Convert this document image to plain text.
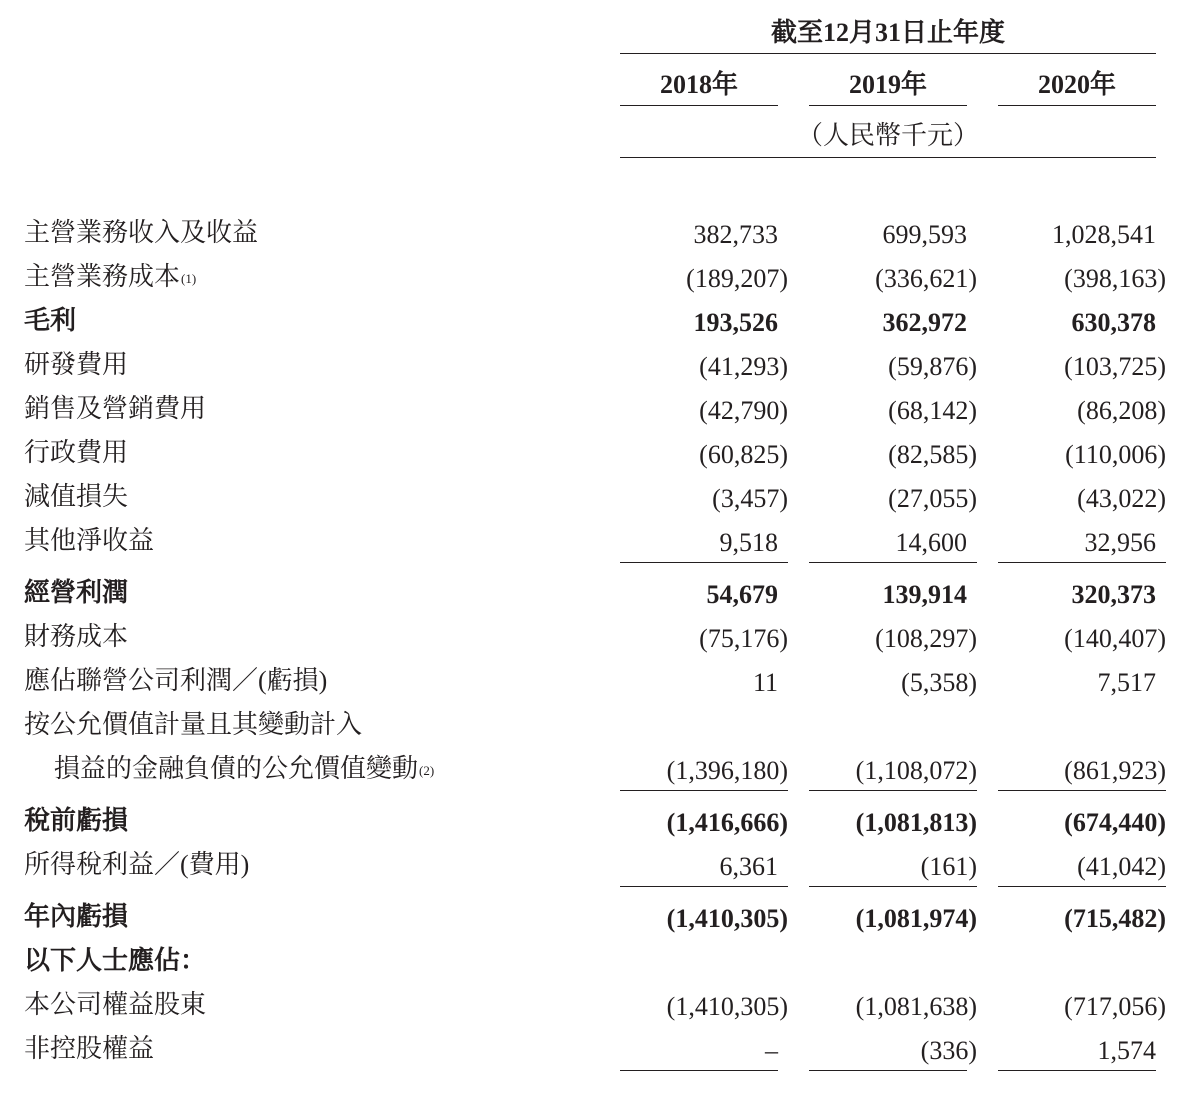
截至12月31日止年度
2018年	2019年	2020年
（人民幣千元）
主營業務收入及收益	382,733	699,593	1,028,541
主營業務成本$^{(1)}$	(189,207)	(336,621)	(398,163)
毛利	193,526	362,972	630,378
研發費用	(41,293)	(59,876)	(103,725)
銷售及營銷費用	(42,790)	(68,142)	(86,208)
行政費用	(60,825)	(82,585)	(110,006)
減值損失	(3,457)	(27,055)	(43,022)
其他淨收益	9,518	14,600	32,956
經營利潤	54,679	139,914	320,373
財務成本	(75,176)	(108,297)	(140,407)
應佔聯營公司利潤／(虧損)	11	(5,358)	7,517
按公允價值計量且其變動計入
損益的金融負債的公允價值變動$^{(2)}$	(1,396,180)	(1,108,072)	(861,923)
稅前虧損	(1,416,666)	(1,081,813)	(674,440)
所得稅利益／(費用)	6,361	(161)	(41,042)
年內虧損	(1,410,305)	(1,081,974)	(715,482)
以下人士應佔：
本公司權益股東	(1,410,305)	(1,081,638)	(717,056)
非控股權益	–	(336)	1,574
